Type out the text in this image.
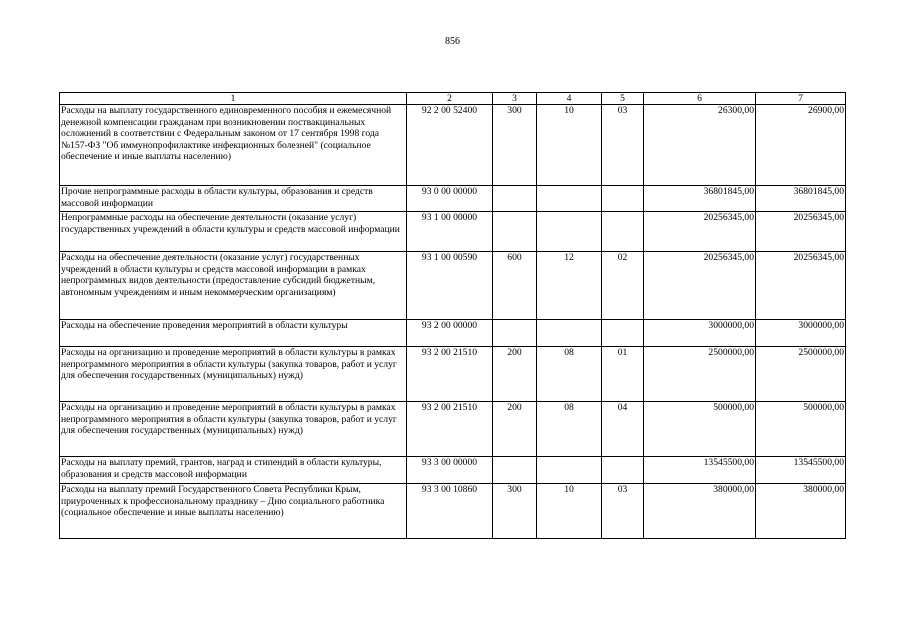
856
1	2	3	4	5	6	7
Расходы на выплату государственного единовременного пособия и ежемесячной денежной компенсации гражданам при возникновении поствакцинальных осложнений в соответствии с Федеральным законом от 17 сентября 1998 года №157-ФЗ "Об иммунопрофилактике инфекционных болезней" (социальное обеспечение и иные выплаты населению)	92 2 00 52400	300	10	03	26300,00	26900,00
Прочие непрограммные расходы в области культуры, образования и средств массовой информации	93 0 00 00000				36801845,00	36801845,00
Непрограммные расходы на обеспечение деятельности (оказание услуг) государственных учреждений в области культуры и средств массовой информации	93 1 00 00000				20256345,00	20256345,00
Расходы на обеспечение деятельности (оказание услуг) государственных учреждений в области культуры и средств массовой информации в рамках непрограммных видов деятельности (предоставление субсидий бюджетным, автономным учреждениям и иным некоммерческим организациям)	93 1 00 00590	600	12	02	20256345,00	20256345,00
Расходы на обеспечение проведения мероприятий в области культуры	93 2 00 00000				3000000,00	3000000,00
Расходы на организацию и проведение мероприятий в области культуры в рамках непрограммного мероприятия в области культуры (закупка товаров, работ и услуг для обеспечения государственных (муниципальных) нужд)	93 2 00 21510	200	08	01	2500000,00	2500000,00
Расходы на организацию и проведение мероприятий в области культуры в рамках непрограммного мероприятия в области культуры (закупка товаров, работ и услуг для обеспечения государственных (муниципальных) нужд)	93 2 00 21510	200	08	04	500000,00	500000,00
Расходы на выплату премий, грантов, наград и стипендий в области культуры, образования и средств массовой информации	93 3 00 00000				13545500,00	13545500,00
Расходы на выплату премий Государственного Совета Республики Крым, приуроченных к профессиональному празднику – Дню социального работника (социальное обеспечение и иные выплаты населению)	93 3 00 10860	300	10	03	380000,00	380000,00
